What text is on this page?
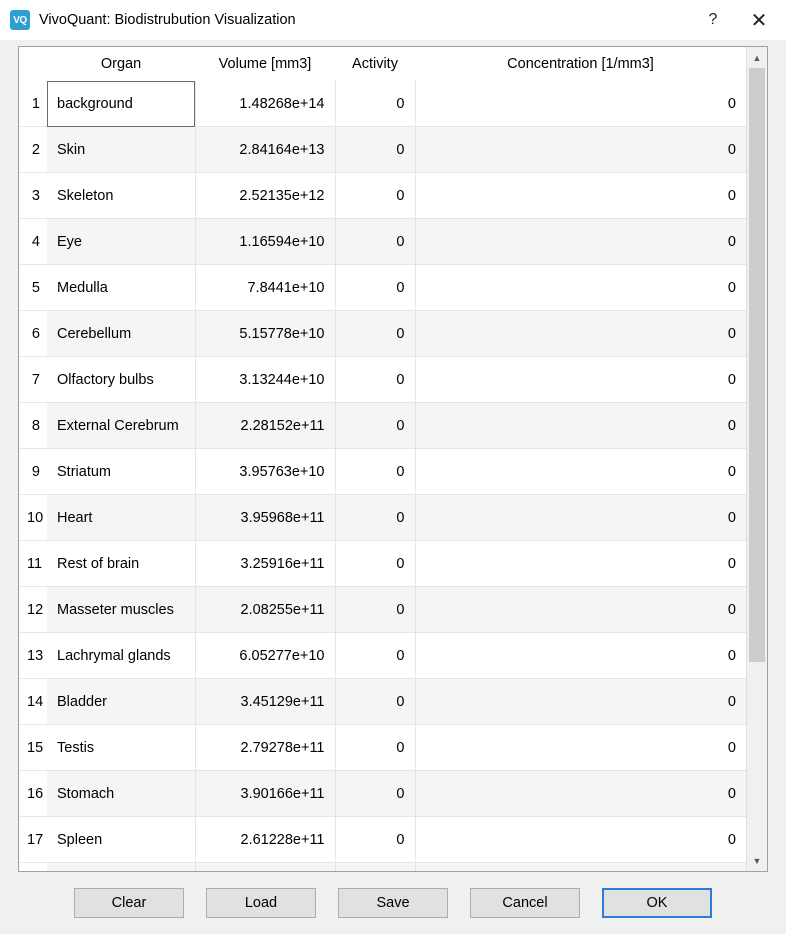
VQ VivoQuant: Biodistrubution Visualization	?	✕
	Organ	Volume [mm3]	Activity	Concentration [1/mm3]
1	background	1.48268e+14	0	0
2	Skin	2.84164e+13	0	0
3	Skeleton	2.52135e+12	0	0
4	Eye	1.16594e+10	0	0
5	Medulla	7.8441e+10	0	0
6	Cerebellum	5.15778e+10	0	0
7	Olfactory bulbs	3.13244e+10	0	0
8	External Cerebrum	2.28152e+11	0	0
9	Striatum	3.95763e+10	0	0
10	Heart	3.95968e+11	0	0
11	Rest of brain	3.25916e+11	0	0
12	Masseter muscles	2.08255e+11	0	0
13	Lachrymal glands	6.05277e+10	0	0
14	Bladder	3.45129e+11	0	0
15	Testis	2.79278e+11	0	0
16	Stomach	3.90166e+11	0	0
17	Spleen	2.61228e+11	0	0

▲
▼
Clear	Load	Save	Cancel	OK
